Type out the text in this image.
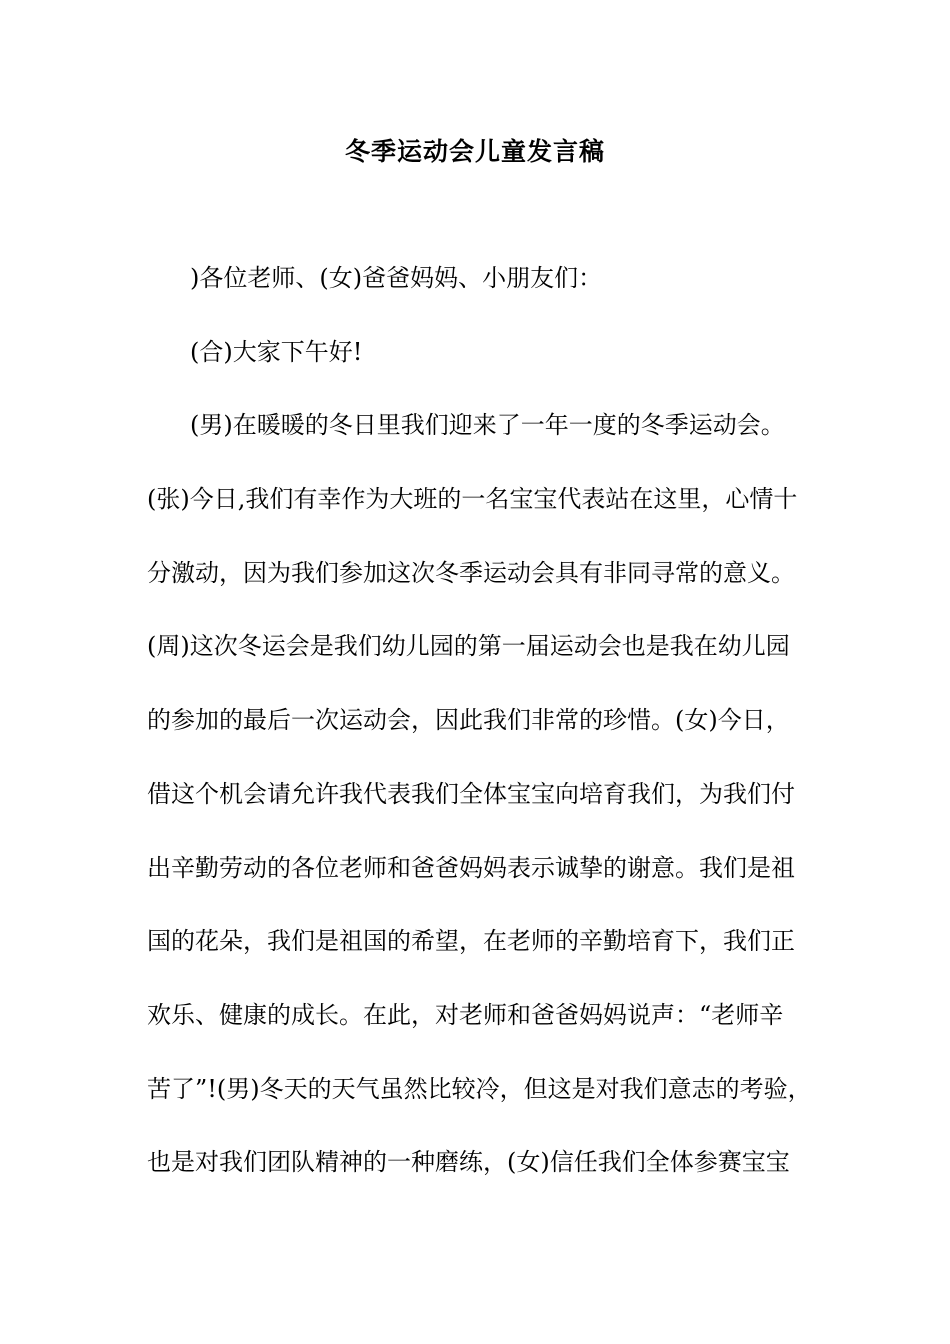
冬季运动会儿童发言稿

)各位老师、(女)爸爸妈妈、小朋友们：

(合)大家下午好!

(男)在暖暖的冬日里我们迎来了一年一度的冬季运动会。

(张)今日,我们有幸作为大班的一名宝宝代表站在这里，心情十

分激动，因为我们参加这次冬季运动会具有非同寻常的意义。

(周)这次冬运会是我们幼儿园的第一届运动会也是我在幼儿园

的参加的最后一次运动会，因此我们非常的珍惜。(女)今日，

借这个机会请允许我代表我们全体宝宝向培育我们，为我们付

出辛勤劳动的各位老师和爸爸妈妈表示诚挚的谢意。我们是祖

国的花朵，我们是祖国的希望，在老师的辛勤培育下，我们正

欢乐、健康的成长。在此，对老师和爸爸妈妈说声：“老师辛

苦了”!(男)冬天的天气虽然比较冷，但这是对我们意志的考验，

也是对我们团队精神的一种磨练，(女)信任我们全体参赛宝宝
